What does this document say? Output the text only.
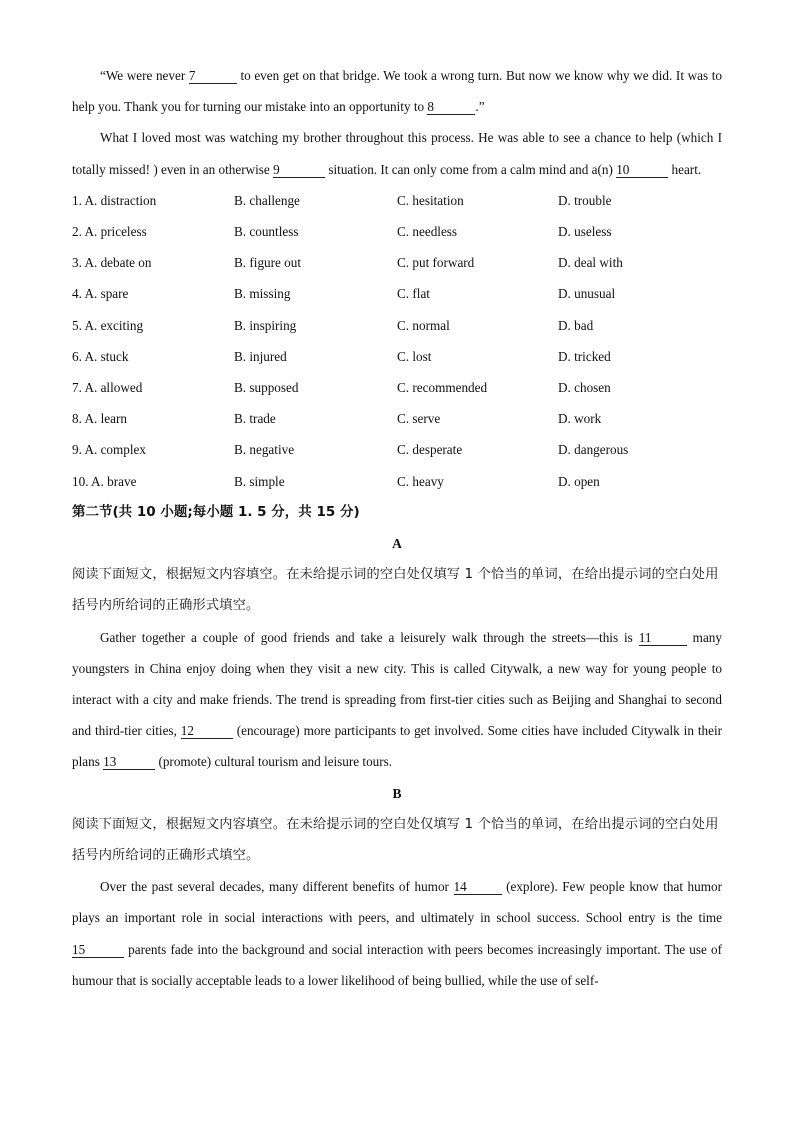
“We were never 7	to even get on that bridge. We took a wrong turn. But now we know why we did. It was to help you. Thank you for turning our mistake into an opportunity to 8	.”

What I loved most was watching my brother throughout this process. He was able to see a chance to help (which I totally missed! ) even in an otherwise 9	situation. It can only come from a calm mind and a(n) 10	heart.

1. A. distraction	B. challenge	C. hesitation	D. trouble
2. A. priceless	B. countless	C. needless	D. useless
3. A. debate on	B. figure out	C. put forward	D. deal with
4. A. spare	B. missing	C. flat	D. unusual
5. A. exciting	B. inspiring	C. normal	D. bad
6. A. stuck	B. injured	C. lost	D. tricked
7. A. allowed	B. supposed	C. recommended	D. chosen
8. A. learn	B. trade	C. serve	D. work
9. A. complex	B. negative	C. desperate	D. dangerous
10. A. brave	B. simple	C. heavy	D. open

第二节(共 10 小题;每小题 1. 5 分，共 15 分)

A

阅读下面短文，根据短文内容填空。在未给提示词的空白处仅填写 1 个恰当的单词，在给出提示词的空白处用括号内所给词的正确形式填空。

Gather together a couple of good friends and take a leisurely walk through the streets—this is 11	many youngsters in China enjoy doing when they visit a new city. This is called Citywalk, a new way for young people to interact with a city and make friends. The trend is spreading from first-tier cities such as Beijing and Shanghai to second and third-tier cities, 12	(encourage) more participants to get involved. Some cities have included Citywalk in their plans 13	(promote) cultural tourism and leisure tours.

B

阅读下面短文，根据短文内容填空。在未给提示词的空白处仅填写 1 个恰当的单词，在给出提示词的空白处用括号内所给词的正确形式填空。

Over the past several decades, many different benefits of humor 14	(explore). Few people know that humor plays an important role in social interactions with peers, and ultimately in school success. School entry is the time 15	parents fade into the background and social interaction with peers becomes increasingly important. The use of humour that is socially acceptable leads to a lower likelihood of being bullied, while the use of self-
